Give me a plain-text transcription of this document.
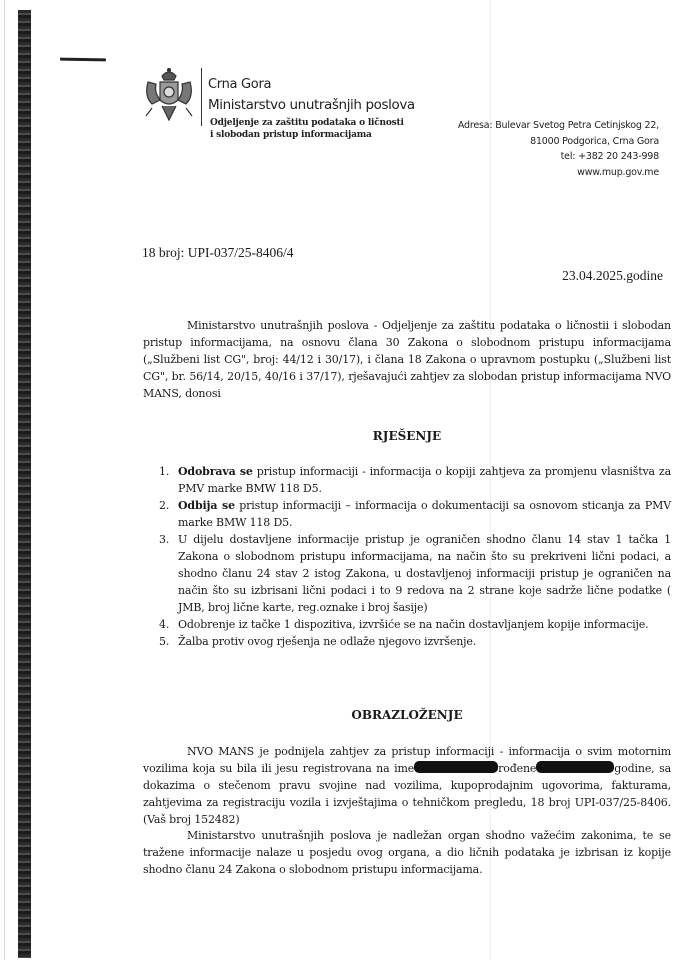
Crna Gora
Ministarstvo unutrašnjih poslova
Odjeljenje za zaštitu podataka o ličnosti
i slobodan pristup informacijama
Adresa: Bulevar Svetog Petra Cetinjskog 22,
81000 Podgorica, Crna Gora
tel: +382 20 243-998
www.mup.gov.me
18 broj: UPI-037/25-8406/4
23.04.2025.godine
Ministarstvo unutrašnjih poslova - Odjeljenje za zaštitu podataka o ličnostii i slobodan pristup informacijama, na osnovu člana 30 Zakona o slobodnom pristupu informacijama („Službeni list CG", broj: 44/12 i 30/17), i člana 18 Zakona o upravnom postupku („Službeni list CG", br. 56/14, 20/15, 40/16 i 37/17), rješavajući zahtjev za slobodan pristup informacijama NVO MANS, donosi
RJEŠENJE
1. Odobrava se pristup informaciji - informacija o kopiji zahtjeva za promjenu vlasništva za PMV marke BMW 118 D5.
2. Odbija se pristup informaciji – informacija o dokumentaciji sa osnovom sticanja za PMV marke BMW 118 D5.
3. U dijelu dostavljene informacije pristup je ograničen shodno članu 14 stav 1 tačka 1 Zakona o slobodnom pristupu informacijama, na način što su prekriveni lični podaci, a shodno članu 24 stav 2 istog Zakona, u dostavljenoj informaciji pristup je ograničen na način što su izbrisani lični podaci i to 9 redova na 2 strane koje sadrže lične podatke ( JMB, broj lične karte, reg.oznake i broj šasije)
4. Odobrenje iz tačke 1 dispozitiva, izvršiće se na način dostavljanjem kopije informacije.
5. Žalba protiv ovog rješenja ne odlaže njegovo izvršenje.
OBRAZLOŽENJE
NVO MANS je podnijela zahtjev za pristup informaciji - informacija o svim motornim vozilima koja su bila ili jesu registrovana na ime	rođene	godine, sa dokazima o stečenom pravu svojine nad vozilima, kupoprodajnim ugovorima, fakturama, zahtjevima za registraciju vozila i izvještajima o tehničkom pregledu, 18 broj UPI-037/25-8406. (Vaš broj 152482)
Ministarstvo unutrašnjih poslova je nadležan organ shodno važećim zakonima, te se tražene informacije nalaze u posjedu ovog organa, a dio ličnih podataka je izbrisan iz kopije shodno članu 24 Zakona o slobodnom pristupu informacijama.
